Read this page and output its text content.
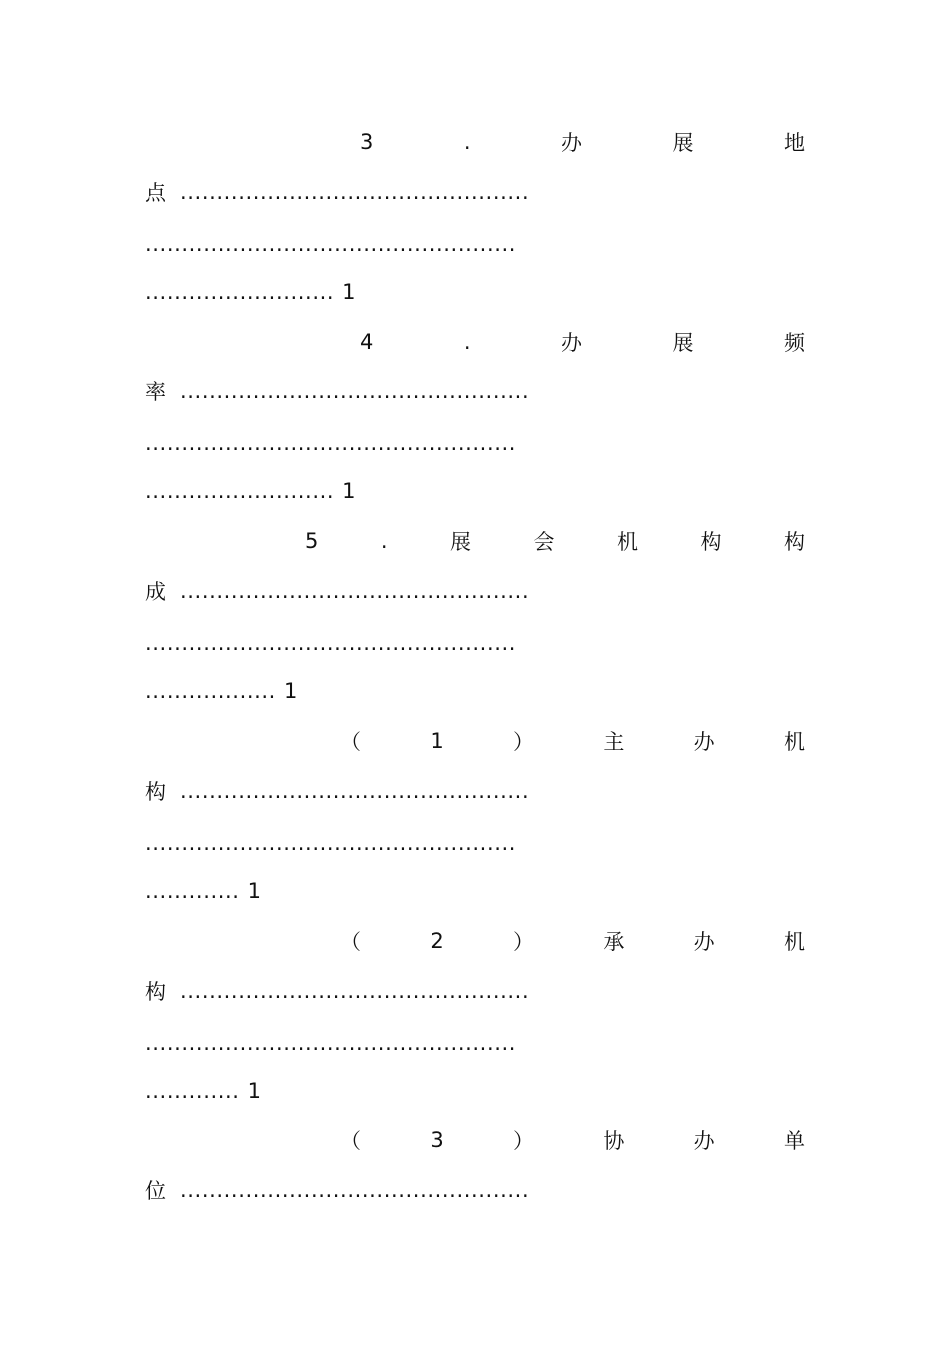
3	.	办	展	地
点 ................................................
...................................................
.......................... 1
4	.	办	展	频
率 ................................................
...................................................
.......................... 1
5	.	展	会	机	构	构
成 ................................................
...................................................
.................. 1
（	1	）	主	办	机
构 ................................................
...................................................
............. 1
（	2	）	承	办	机
构 ................................................
...................................................
............. 1
（	3	）	协	办	单
位 ................................................
